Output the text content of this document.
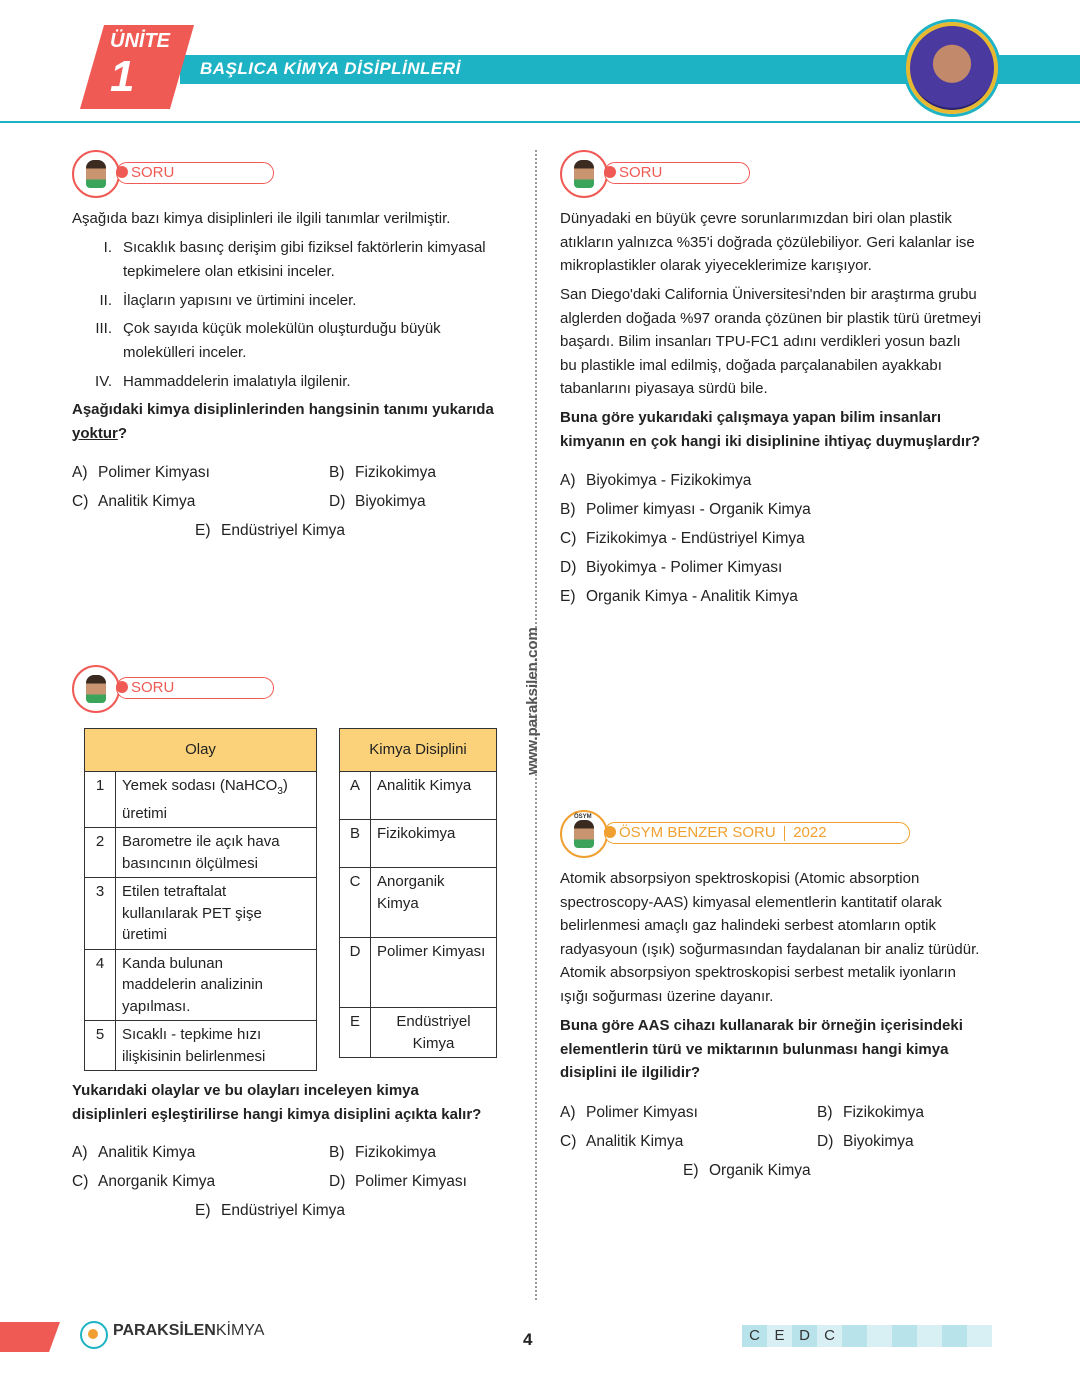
ÜNİTE
1	BAŞLICA KİMYA DİSİPLİNLERİ
www.paraksilen.com
SORU
Aşağıda bazı kimya disiplinleri ile ilgili tanımlar verilmiştir.
I. Sıcaklık basınç derişim gibi fiziksel faktörlerin kimyasal
tepkimelere olan etkisini inceler.
II. İlaçların yapısını ve ürtimini inceler.
III. Çok sayıda küçük molekülün oluşturduğu büyük
molekülleri inceler.
IV. Hammaddelerin imalatıyla ilgilenir.
Aşağıdaki kimya disiplinlerinden hangsinin tanımı yukarıda
yoktur?
A) Polimer Kimyası	B) Fizikokimya
C) Analitik Kimya	D) Biyokimya
E) Endüstriyel Kimya
SORU
Olay	
1	Yemek sodası (NaHCO$_3$)
üretimi
2	Barometre ile açık hava
basıncının ölçülmesi
3	Etilen tetraftalat
kullanılarak PET şişe
üretimi
4	Kanda bulunan
maddelerin analizinin
yapılması.
5	Sıcaklı - tepkime hızı
ilişkisinin belirlenmesi
Kimya Disiplini	
A	Analitik Kimya
B	Fizikokimya
C	Anorganik
Kimya
D	Polimer Kimyası
E	Endüstriyel
Kimya
Yukarıdaki olaylar ve bu olayları inceleyen kimya
disiplinleri eşleştirilirse hangi kimya disiplini açıkta kalır?
A) Analitik Kimya	B) Fizikokimya
C) Anorganik Kimya	D) Polimer Kimyası
E) Endüstriyel Kimya
SORU
Dünyadaki en büyük çevre sorunlarımızdan biri olan plastik
atıkların yalnızca %35'i doğrada çözülebiliyor. Geri kalanlar ise
mikroplastikler olarak yiyeceklerimize karışıyor.
San Diego'daki California Üniversitesi'nden bir araştırma grubu
alglerden doğada %97 oranda çözünen bir plastik türü üretmeyi
başardı. Bilim insanları TPU-FC1 adını verdikleri yosun bazlı
bu plastikle imal edilmiş, doğada parçalanabilen ayakkabı
tabanlarını piyasaya sürdü bile.
Buna göre yukarıdaki çalışmaya yapan bilim insanları
kimyanın en çok hangi iki disiplinine ihtiyaç duymuşlardır?
A) Biyokimya - Fizikokimya
B) Polimer kimyası - Organik Kimya
C) Fizikokimya - Endüstriyel Kimya
D) Biyokimya - Polimer Kimyası
E) Organik Kimya - Analitik Kimya
ÖSYM
ÖSYM BENZER SORU 2022
Atomik absorpsiyon spektroskopisi (Atomic absorption
spectroscopy-AAS) kimyasal elementlerin kantitatif olarak
belirlenmesi amaçlı gaz halindeki serbest atomların optik
radyasyoun (ışık) soğurmasından faydalanan bir analiz türüdür.
Atomik absorpsiyon spektroskopisi serbest metalik iyonların
ışığı soğurması üzerine dayanır.
Buna göre AAS cihazı kullanarak bir örneğin içerisindeki
elementlerin türü ve miktarının bulunması hangi kimya
disiplini ile ilgilidir?
A) Polimer Kimyası	B) Fizikokimya
C) Analitik Kimya	D) Biyokimya
E) Organik Kimya
PARAKSİLENKİMYA	4	C E D C
